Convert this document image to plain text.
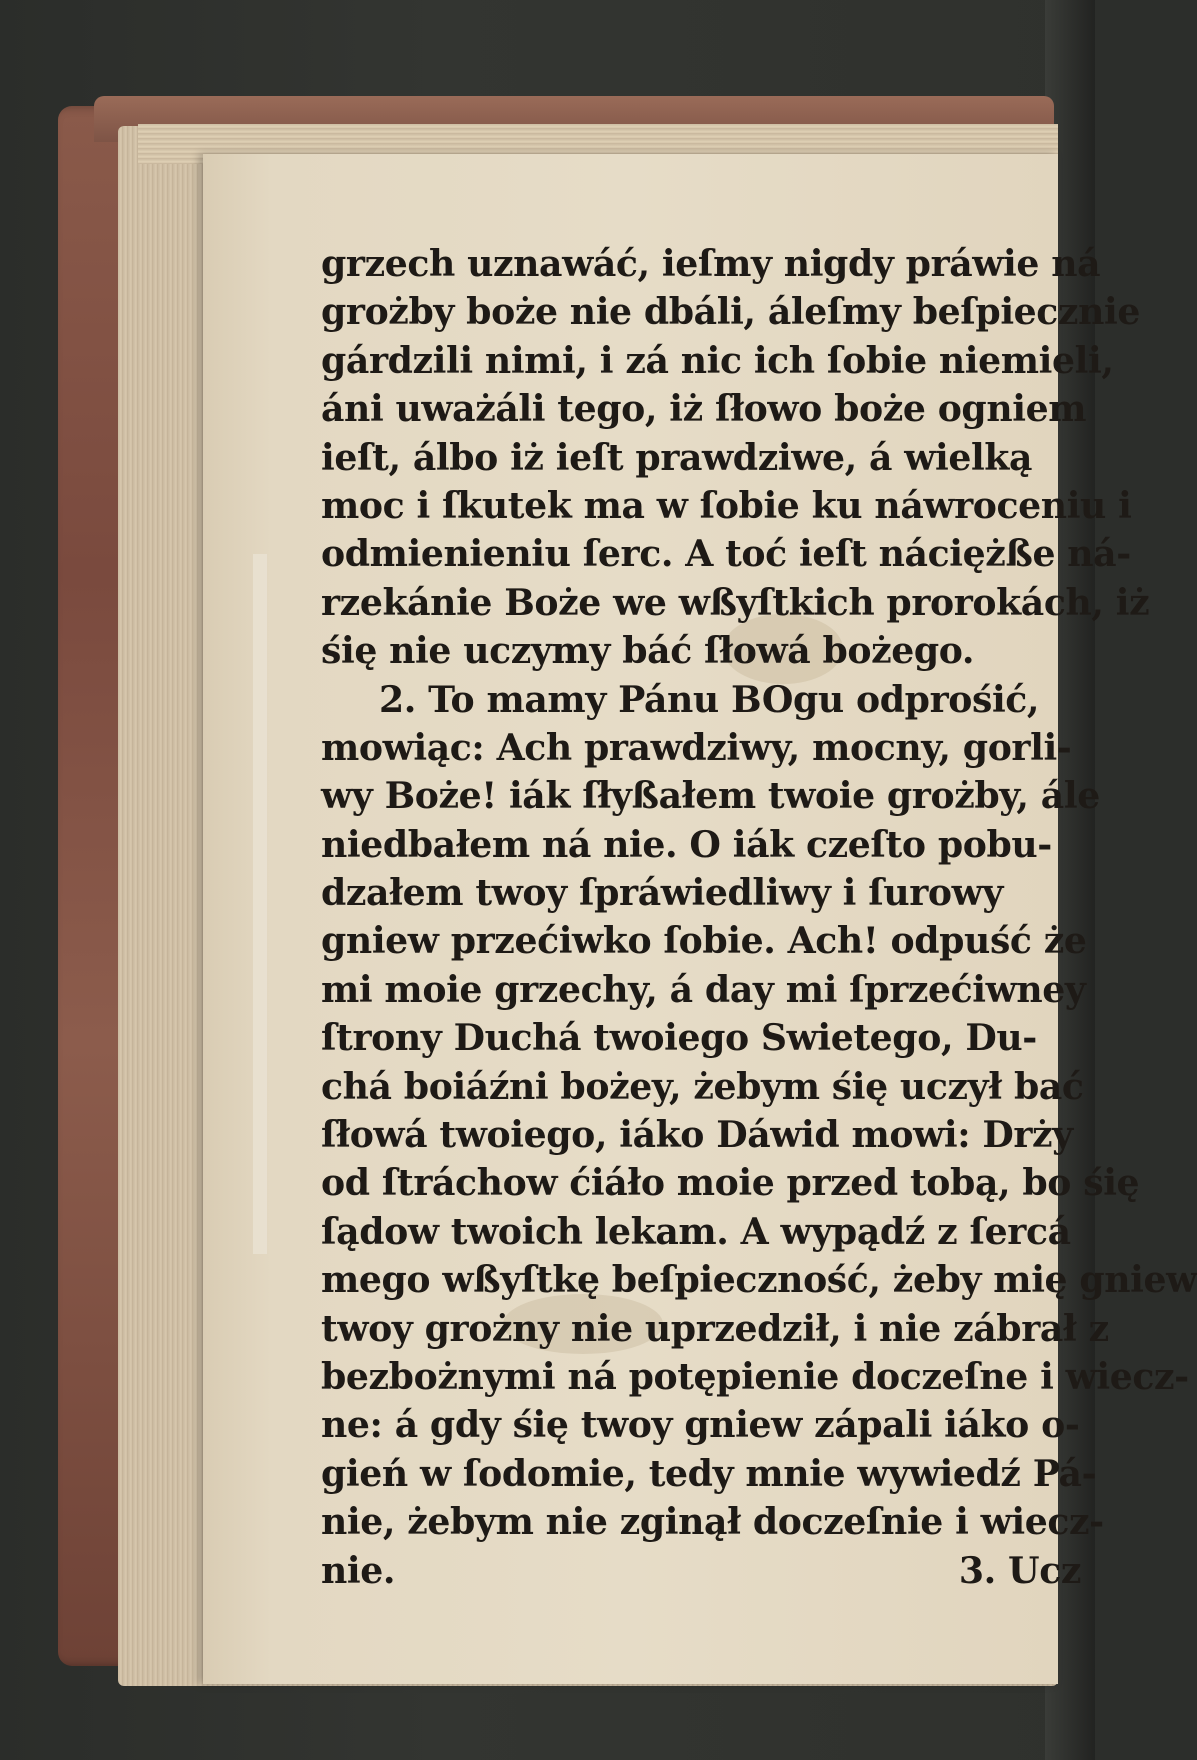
grzech uznawáć, ieſmy nigdy práwie ná
grożby boże nie dbáli, áleſmy beſpiecznie
gárdzili nimi, i zá nic ich ſobie niemieli,
áni uważáli tego, iż ſłowo boże ogniem
ieſt, álbo iż ieſt prawdziwe, á wielką
moc i ſkutek ma w ſobie ku náwroceniu i
odmienieniu ſerc. A toć ieſt náciężße ná-
rzekánie Boże we wßyſtkich prorokách, iż
śię nie uczymy báć ſłowá bożego.
2. To mamy Pánu BOgu odprośić,
mowiąc: Ach prawdziwy, mocny, gorli-
wy Boże! iák ſłyßałem twoie grożby, ále
niedbałem ná nie. O iák czeſto pobu-
dzałem twoy ſpráwiedliwy i ſurowy
gniew przećiwko ſobie. Ach! odpuść że
mi moie grzechy, á day mi ſprzećiwney
ſtrony Duchá twoiego Swietego, Du-
chá boiáźni bożey, żebym śię uczył bać
ſłowá twoiego, iáko Dáwid mowi: Drży
od ſtráchow ćiáło moie przed tobą, bo śię
ſądow twoich lekam. A wypądź z ſercá
mego wßyſtkę beſpieczność, żeby mię gniew
twoy grożny nie uprzedził, i nie zábrał z
bezbożnymi ná potępienie doczeſne i wiecz-
ne: á gdy śię twoy gniew zápali iáko o-
gień w ſodomie, tedy mnie wywiedź Pá-
nie, żebym nie zginął doczeſnie i wiecz-
nie.	3. Ucz
